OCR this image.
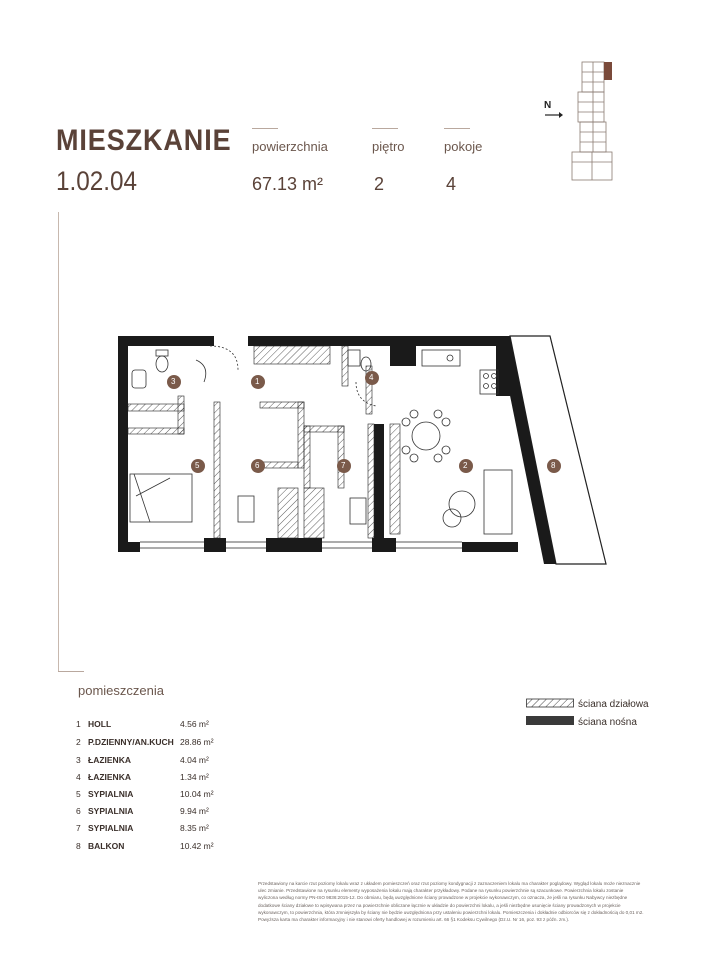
MIESZKANIE
1.02.04
powierzchnia
67.13 m²
piętro
2
pokoje
4
N
3	1
5
4
2
6	7	8
pomieszczenia
1 HOLL	4.56 m²
2 P.DZIENNY/AN.KUCH 28.86 m²
3 ŁAZIENKA	4.04 m²
4 ŁAZIENKA	1.34 m²
5 SYPIALNIA	10.04 m²
6 SYPIALNIA	9.94 m²
7 SYPIALNIA	8.35 m²
8 BALKON	10.42 m²
ściana działowa
ściana nośna
Przedstawiony na karcie rzut poziomy lokalu wraz z układem pomieszczeń oraz rzut poziomy kondygnacji z zaznaczeniem lokalu ma charakter poglądowy. Wygląd lokalu może nieznacznie ulec zmianie. Przedstawione na rysunku elementy wyposażenia lokalu mają charakter przykładowy. Podane na rysunku powierzchnie są szacunkowe. Powierzchnia lokalu zostanie wyliczona według normy PN-ISO 9836:2015-12. Do obmiaru, będą uwzględnione ściany prowadzone w projekcie wykonawczym, co oznacza, że jeśli na rysunku Nabywcy niezbędne dodatkowe ściany działowe to wpisywana przez na powierzchnie obliczane łącznie w układzie do powierzchni lokalu, a jeśli niezbędne usunięcie ściany prowadzonych w projekcie wykonawczym, to powierzchnia, która zmniejszyła by ściany nie będzie uwzględniona przy ustaleniu powierzchni lokalu. Pomieszczenia i dokładnie odbiorców się z dokładnością do 0,01 m2. Powyższa karta ma charakter informacyjny i nie stanowi oferty handlowej w rozumieniu art. 66 §1 Kodeksu Cywilnego (Dz.U. Nr 16, poz. 93 z późn. zm.).
